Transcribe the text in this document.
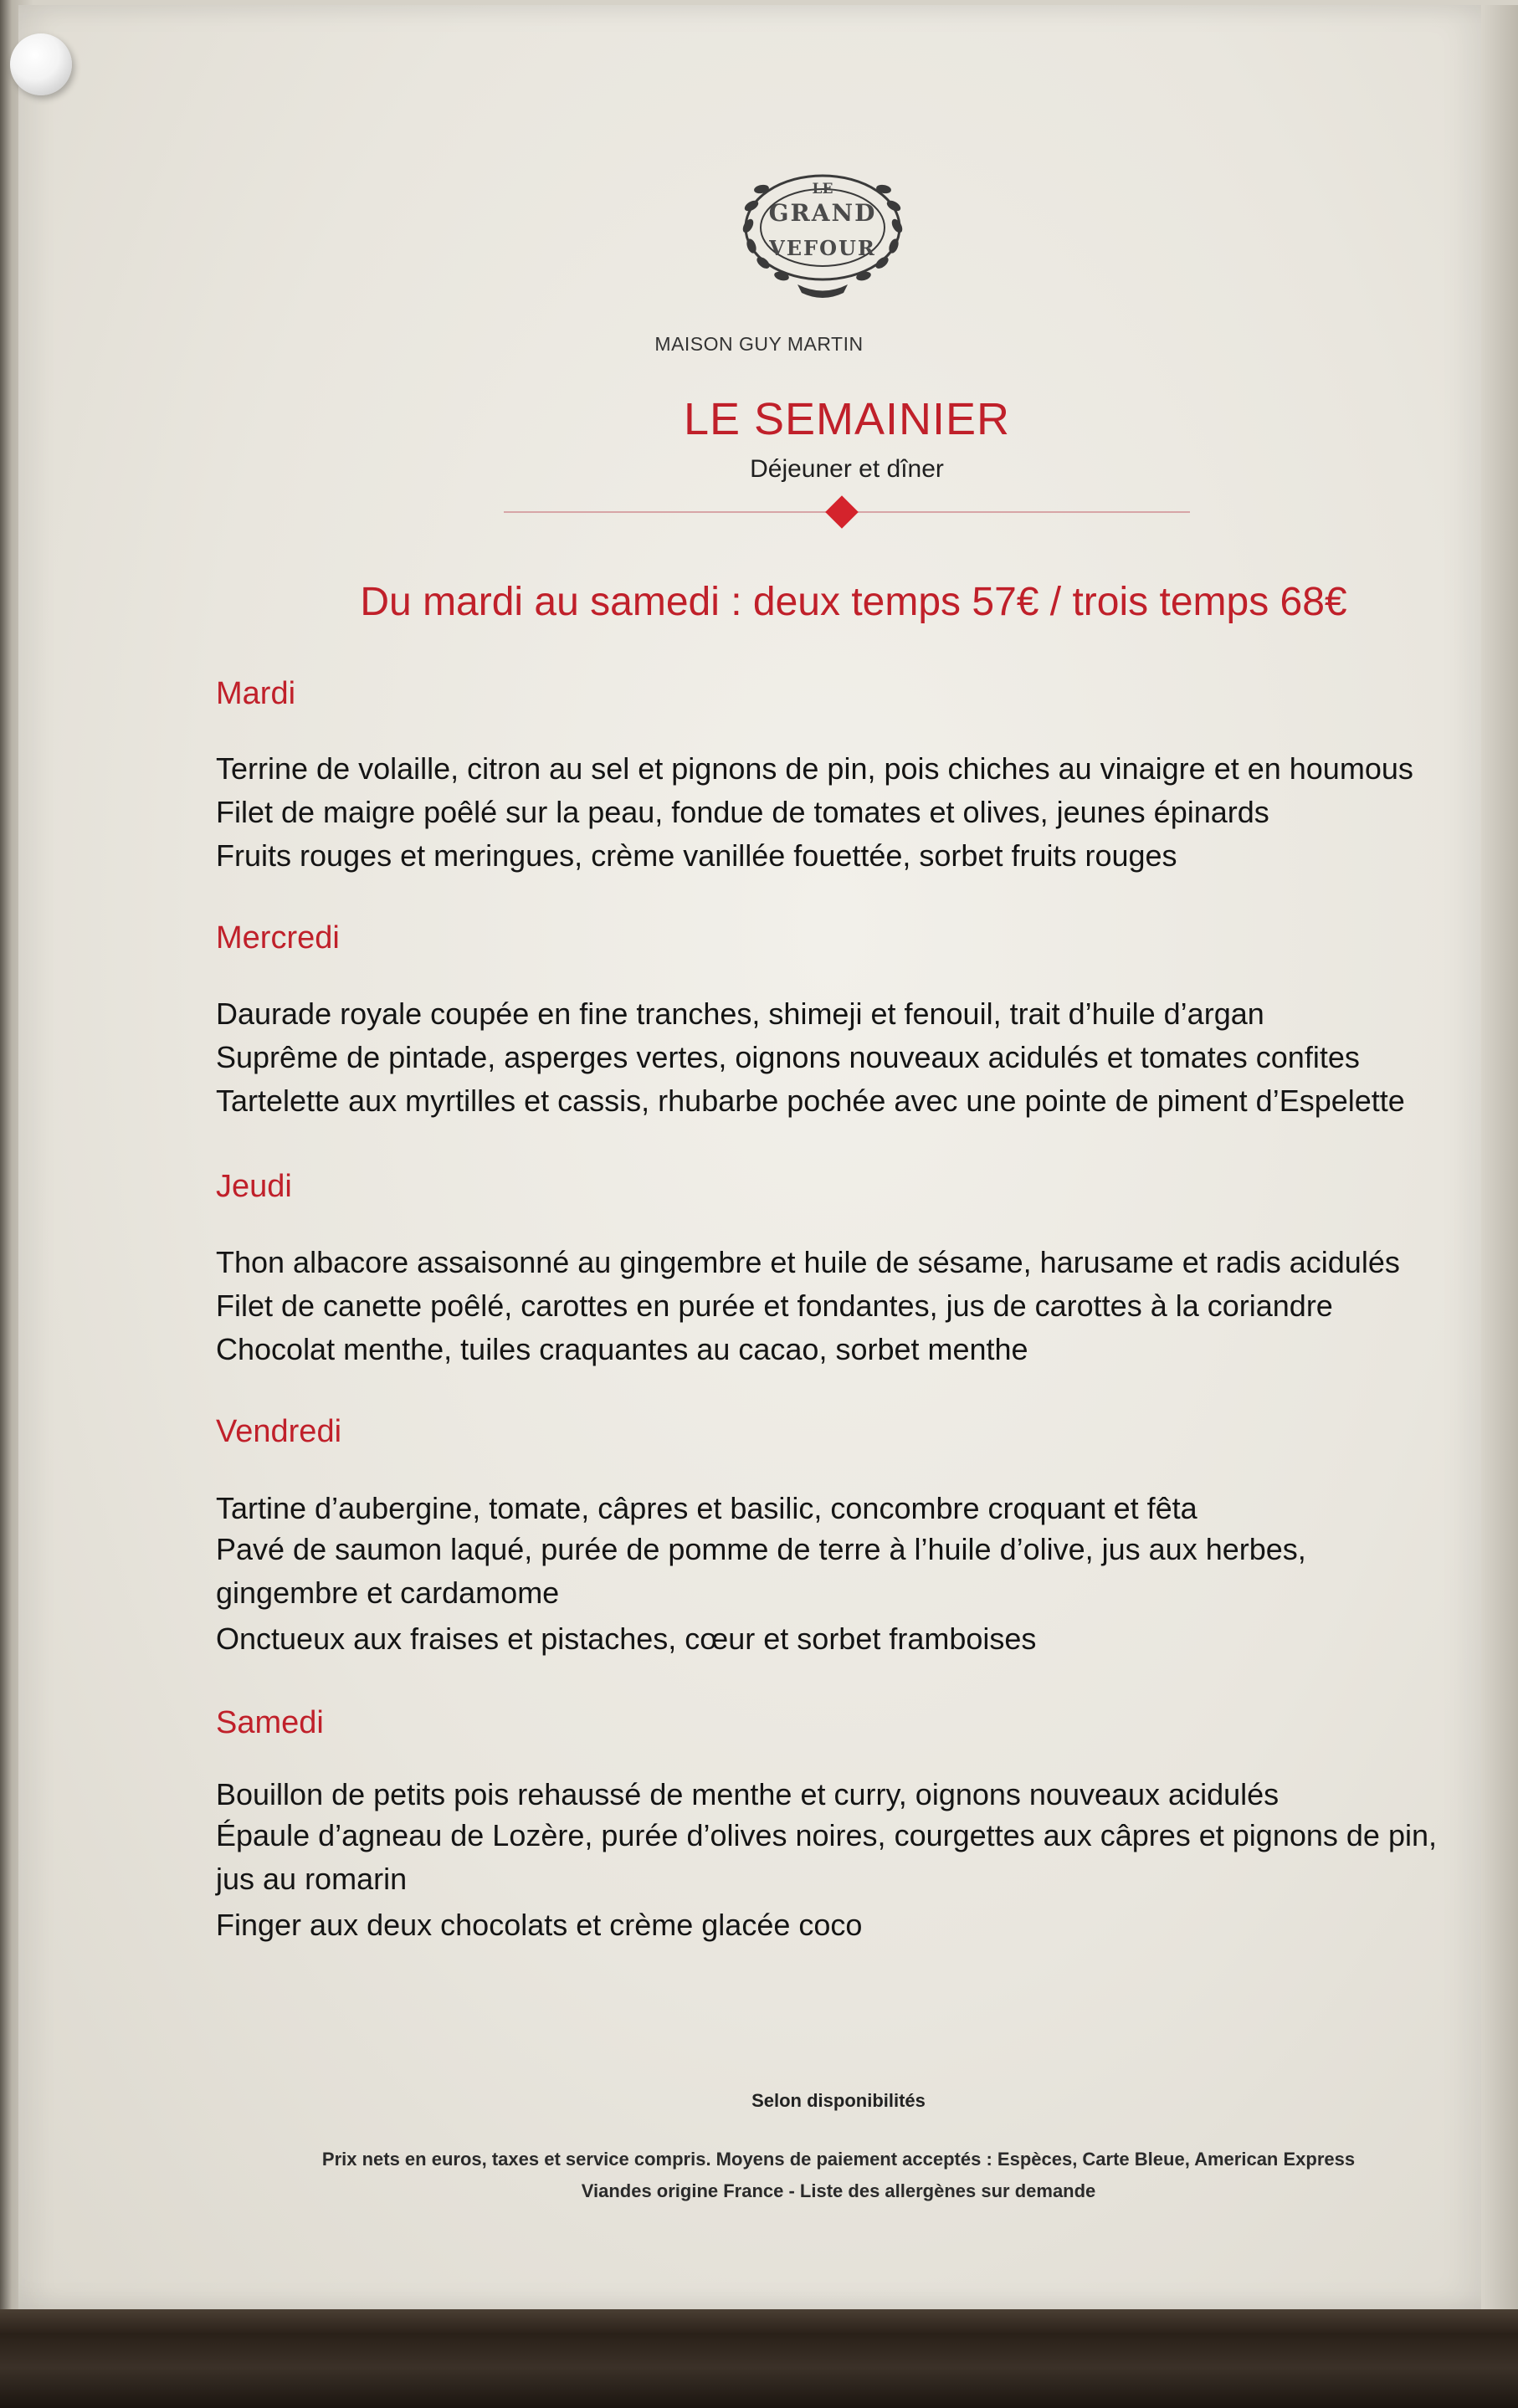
LE
GRAND
VEFOUR
MAISON GUY MARTIN
LE SEMAINIER
Déjeuner et dîner
Du mardi au samedi : deux temps 57€ / trois temps 68€
Mardi
Terrine de volaille, citron au sel et pignons de pin, pois chiches au vinaigre et en houmous
Filet de maigre poêlé sur la peau, fondue de tomates et olives, jeunes épinards
Fruits rouges et meringues, crème vanillée fouettée, sorbet fruits rouges
Mercredi
Daurade royale coupée en fine tranches, shimeji et fenouil, trait d’huile d’argan
Suprême de pintade, asperges vertes, oignons nouveaux acidulés et tomates confites
Tartelette aux myrtilles et cassis, rhubarbe pochée avec une pointe de piment d’Espelette
Jeudi
Thon albacore assaisonné au gingembre et huile de sésame, harusame et radis acidulés
Filet de canette poêlé, carottes en purée et fondantes, jus de carottes à la coriandre
Chocolat menthe, tuiles craquantes au cacao, sorbet menthe
Vendredi
Tartine d’aubergine, tomate, câpres et basilic, concombre croquant et fêta
Pavé de saumon laqué, purée de pomme de terre à l’huile d’olive, jus aux herbes, gingembre et cardamome
Onctueux aux fraises et pistaches, cœur et sorbet framboises
Samedi
Bouillon de petits pois rehaussé de menthe et curry, oignons nouveaux acidulés
Épaule d’agneau de Lozère, purée d’olives noires, courgettes aux câpres et pignons de pin, jus au romarin
Finger aux deux chocolats et crème glacée coco
Selon disponibilités
Prix nets en euros, taxes et service compris. Moyens de paiement acceptés : Espèces, Carte Bleue, American Express
Viandes origine France - Liste des allergènes sur demande
